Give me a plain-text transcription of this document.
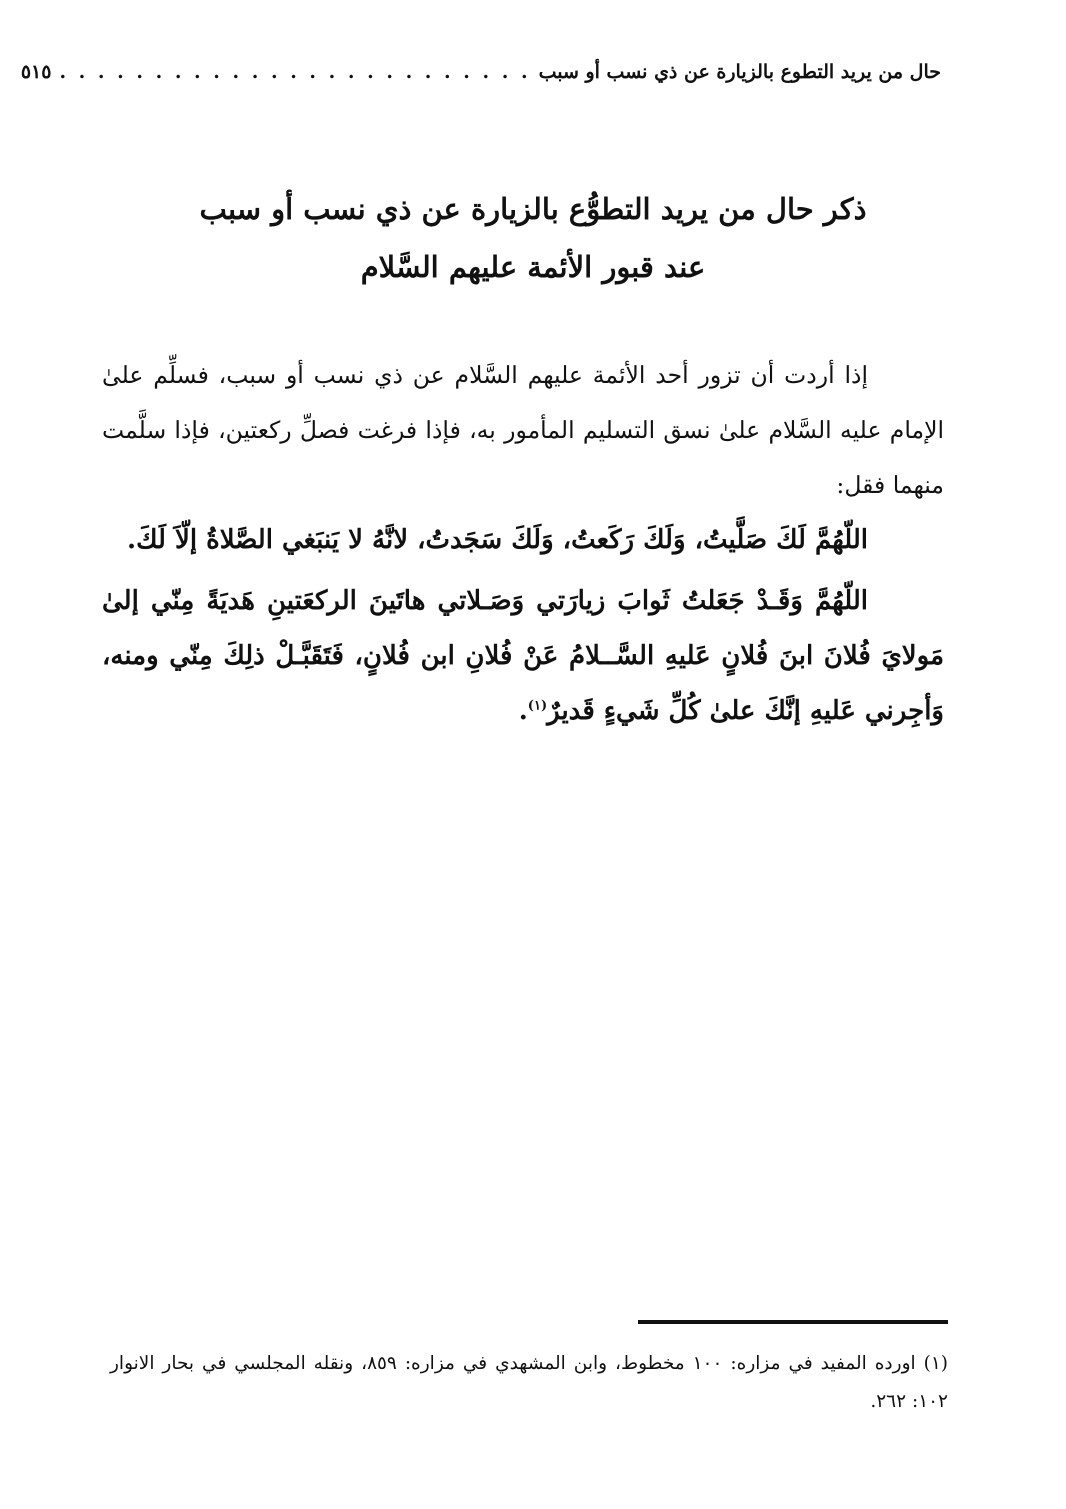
حال من يريد التطوع بالزيارة عن ذي نسب أو سبب
. . . . . . . . . . . . . . . . . . . . . . . . .
٥١٥
ذكر حال من يريد التطوُّع بالزيارة عن ذي نسب أو سبب
عند قبور الأئمة عليهم السَّلام

إذا أردت أن تزور أحد الأئمة عليهم السَّلام عن ذي نسب أو سبب، فسلِّم علىٰ الإمام عليه السَّلام علىٰ نسق التسليم المأمور به، فإذا فرغت فصلِّ ركعتين، فإذا سلَّمت منهما فقل:

اللّهُمَّ لَكَ صَلَّيتُ، وَلَكَ رَكَعتُ، وَلَكَ سَجَدتُ، لانَّهُ لا يَنبَغي الصَّلاةُ إلّاَ لَكَ.

اللّهُمَّ وَقَـدْ جَعَلتُ ثَوابَ زيارَتي وَصَـلاتي هاتَينَ الركعَتينِ هَديَةً مِنّي إلىٰ مَولايَ فُلانَ ابنَ فُلانٍ عَليهِ السَّــلامُ عَنْ فُلانِ ابن فُلانٍ، فَتَقَبَّـلْ ذلِكَ مِنّي ومنه، وَأجِرني عَليهِ إنَّكَ علىٰ كُلِّ شَيءٍ قَديرٌ$^{(١)}$.

(١) اورده المفيد في مزاره: ١٠٠ مخطوط، وابن المشهدي في مزاره: ٨٥٩، ونقله المجلسي في بحار الانوار ١٠٢: ٢٦٢.
